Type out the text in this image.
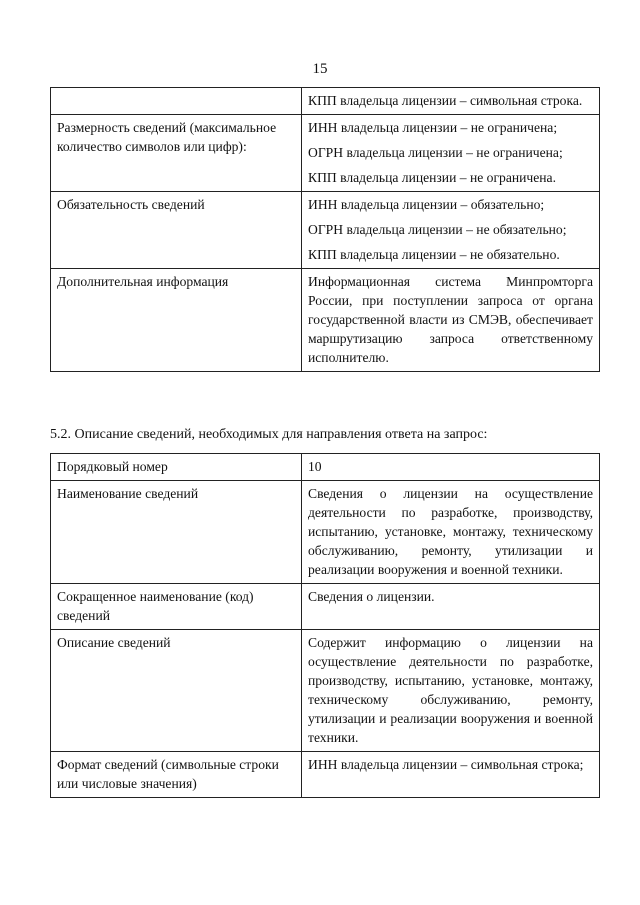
15

	КПП владельца лицензии – символьная строка.

Размерность сведений (максимальное количество символов или цифр):	ИНН владельца лицензии – не ограничена;
ОГРН владельца лицензии – не ограничена;
КПП владельца лицензии – не ограничена.

Обязательность сведений	ИНН владельца лицензии – обязательно;
ОГРН владельца лицензии – не обязательно;
КПП владельца лицензии – не обязательно.

Дополнительная информация	Информационная система Минпромторга России, при поступлении запроса от органа государственной власти из СМЭВ, обеспечивает маршрутизацию запроса ответственному исполнителю.
5.2. Описание сведений, необходимых для направления ответа на запрос:
Порядковый номер	10
Наименование сведений	Сведения о лицензии на осуществление деятельности по разработке, производству, испытанию, установке, монтажу, техническому обслуживанию, ремонту, утилизации и реализации вооружения и военной техники.
Сокращенное наименование (код) сведений	Сведения о лицензии.
Описание сведений	Содержит информацию о лицензии на осуществление деятельности по разработке, производству, испытанию, установке, монтажу, техническому обслуживанию, ремонту, утилизации и реализации вооружения и военной техники.
Формат сведений (символьные строки или числовые значения)	ИНН владельца лицензии – символьная строка;
